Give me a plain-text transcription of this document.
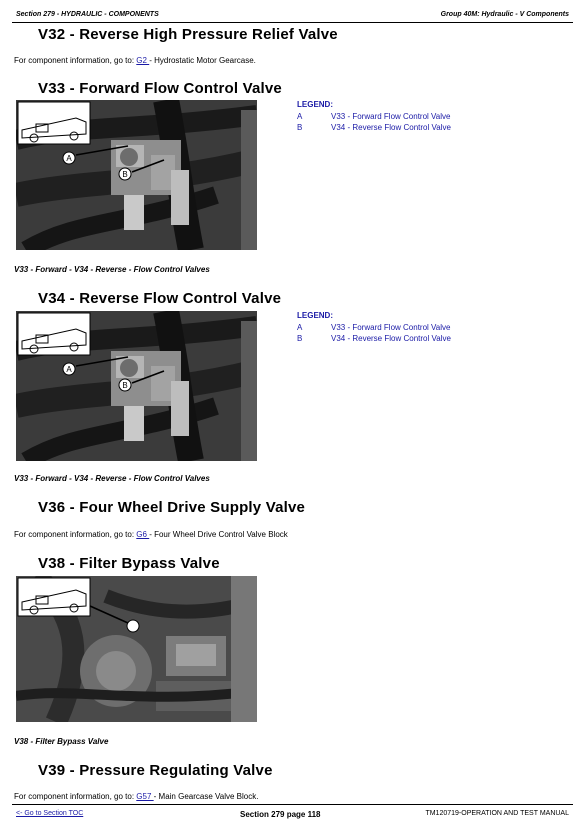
Section 279 - HYDRAULIC - COMPONENTS	Group 40M: Hydraulic - V Components
V32 - Reverse High Pressure Relief Valve
For component information, go to: G2 - Hydrostatic Motor Gearcase.
V33 - Forward Flow Control Valve
A
B
LEGEND:
A	V33 - Forward Flow Control Valve
B	V34 - Reverse Flow Control Valve
V33 - Forward - V34 - Reverse - Flow Control Valves
V34 - Reverse Flow Control Valve
A
B
LEGEND:
A	V33 - Forward Flow Control Valve
B	V34 - Reverse Flow Control Valve
V33 - Forward - V34 - Reverse - Flow Control Valves
V36 - Four Wheel Drive Supply Valve
For component information, go to: G6 - Four Wheel Drive Control Valve Block
V38 - Filter Bypass Valve
V38 - Filter Bypass Valve
V39 - Pressure Regulating Valve
For component information, go to: G57 - Main Gearcase Valve Block.
<- Go to Section TOC	Section 279 page 118	TM120719-OPERATION AND TEST MANUAL
